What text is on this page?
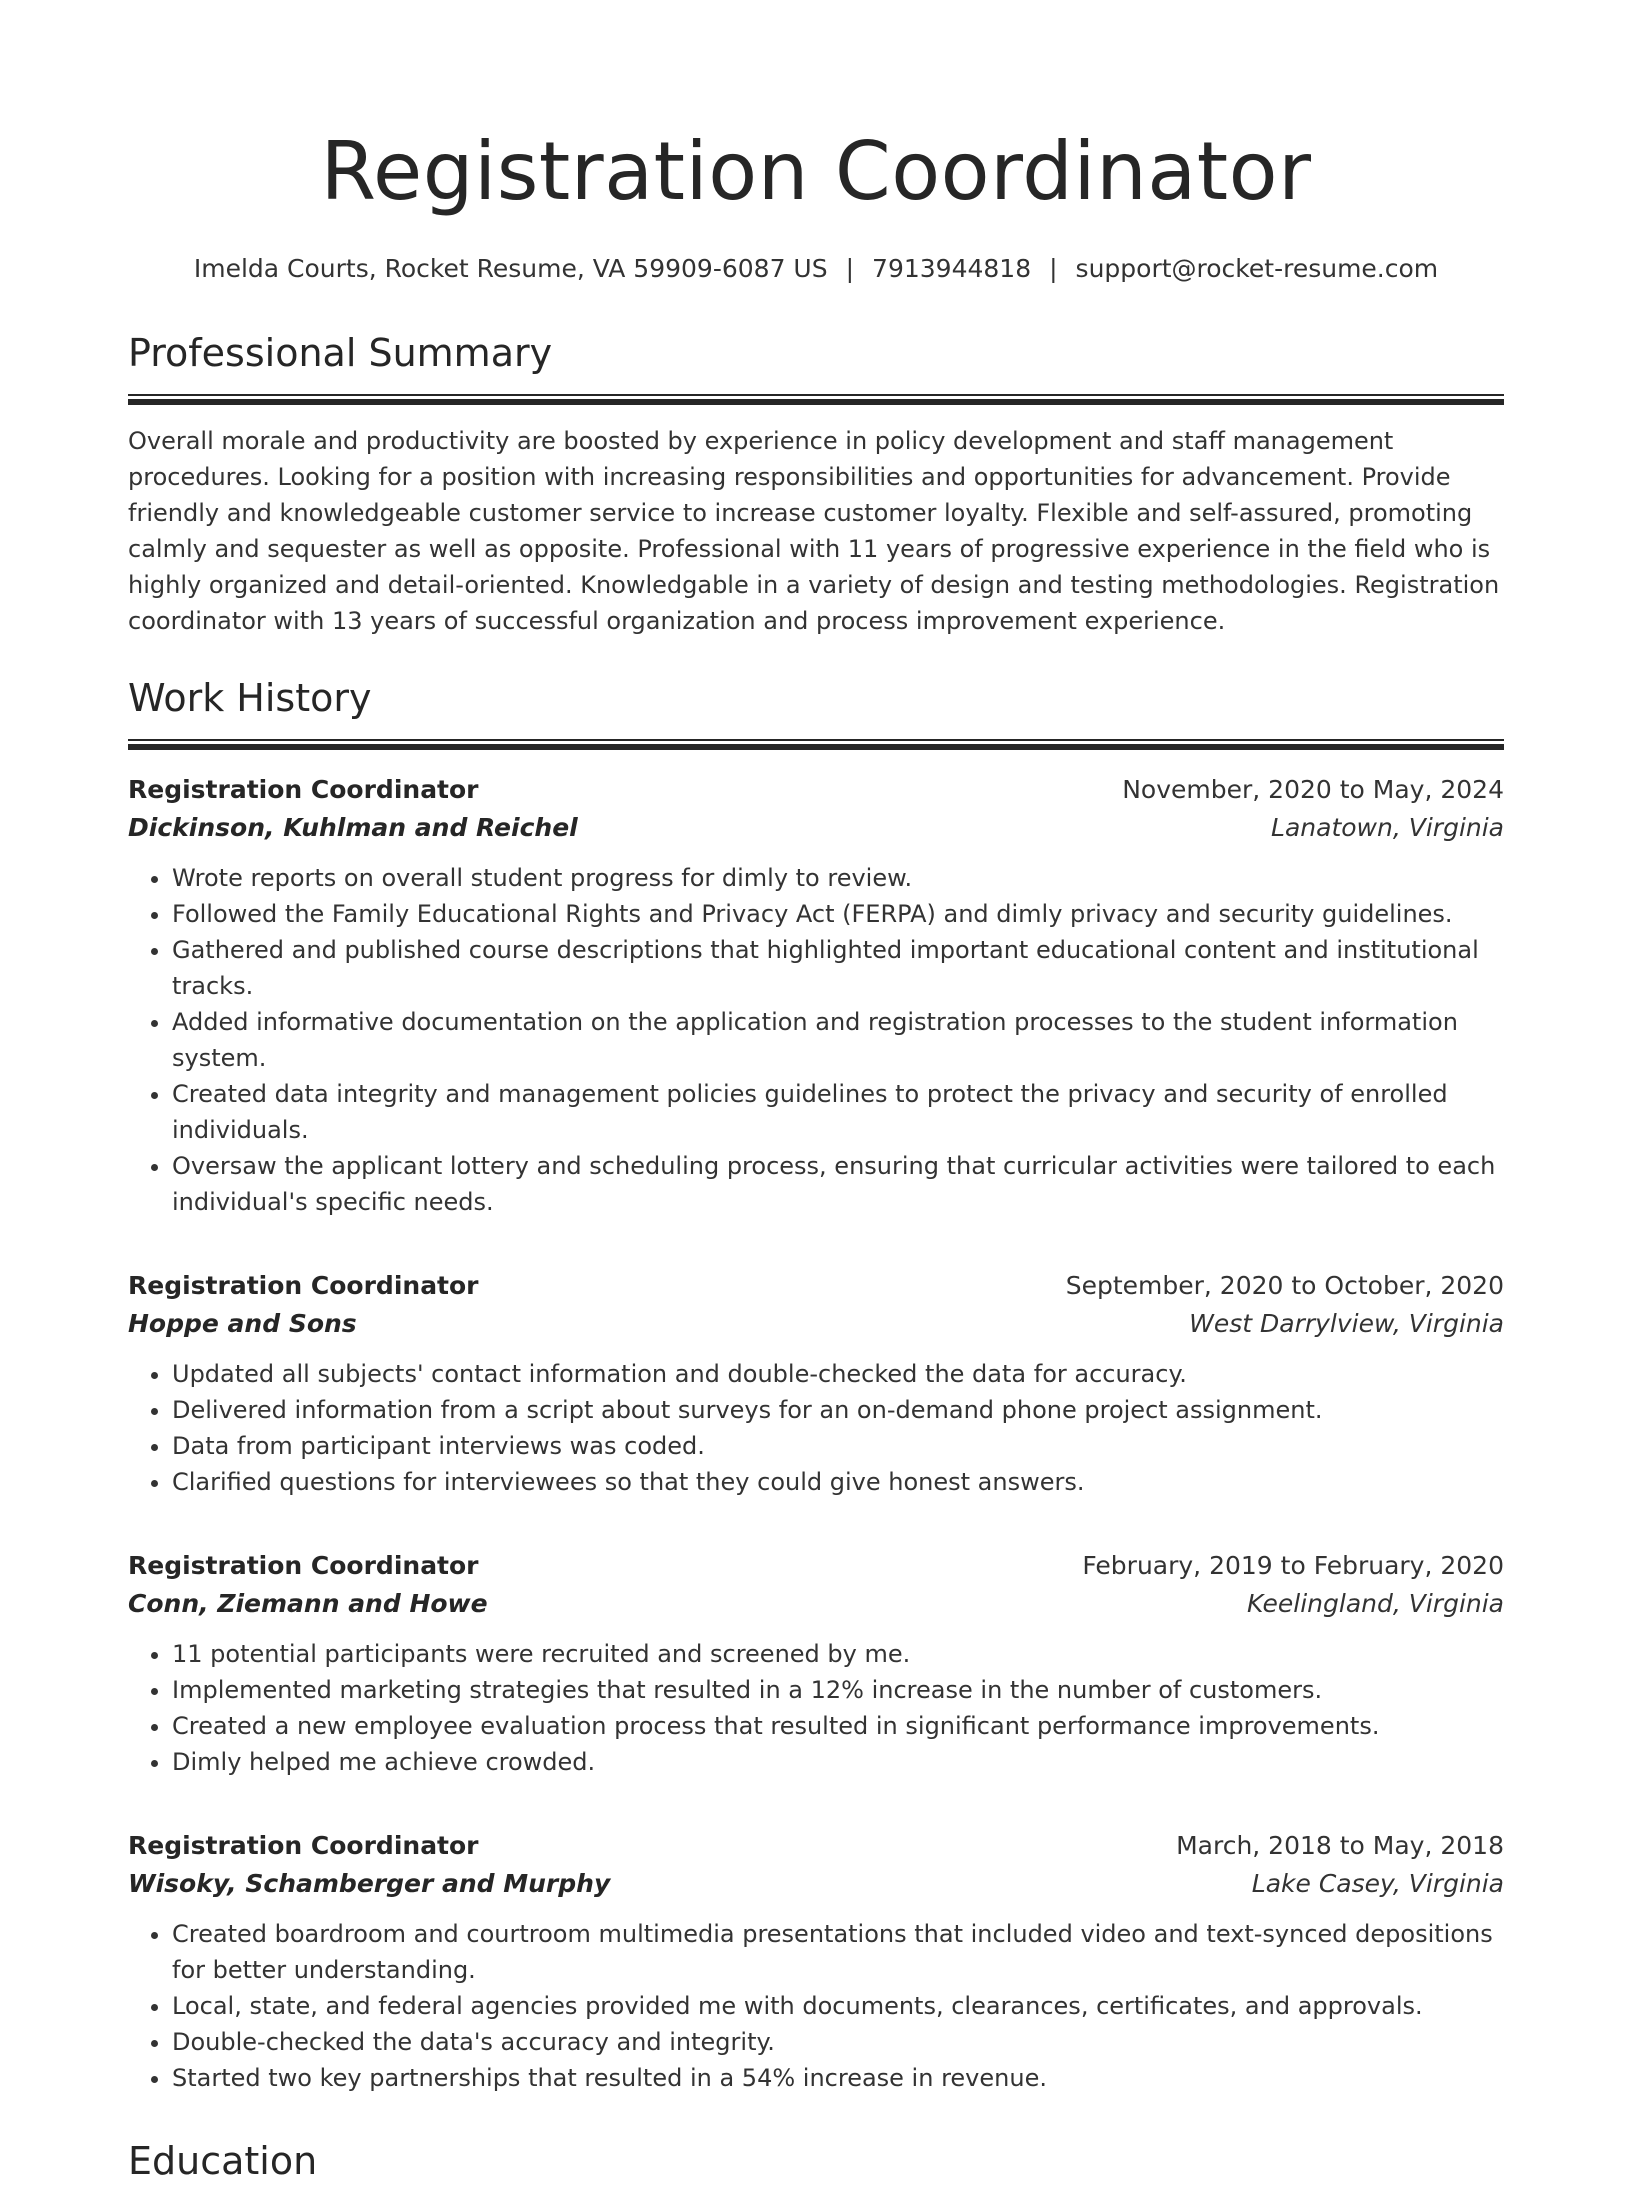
Registration Coordinator
Imelda Courts, Rocket Resume, VA 59909-6087 US | 7913944818 | support@rocket-resume.com
Professional Summary

Overall morale and productivity are boosted by experience in policy development and staff management procedures. Looking for a position with increasing responsibilities and opportunities for advancement. Provide friendly and knowledgeable customer service to increase customer loyalty. Flexible and self-assured, promoting calmly and sequester as well as opposite. Professional with 11 years of progressive experience in the field who is highly organized and detail-oriented. Knowledgable in a variety of design and testing methodologies. Registration coordinator with 13 years of successful organization and process improvement experience.

Work History
Registration Coordinator	November, 2020 to May, 2024
Dickinson, Kuhlman and Reichel	Lanatown, Virginia
• Wrote reports on overall student progress for dimly to review.
• Followed the Family Educational Rights and Privacy Act (FERPA) and dimly privacy and security guidelines.
• Gathered and published course descriptions that highlighted important educational content and institutional tracks.
• Added informative documentation on the application and registration processes to the student information system.
• Created data integrity and management policies guidelines to protect the privacy and security of enrolled individuals.
• Oversaw the applicant lottery and scheduling process, ensuring that curricular activities were tailored to each individual's specific needs.
Registration Coordinator	September, 2020 to October, 2020
Hoppe and Sons	West Darrylview, Virginia
• Updated all subjects' contact information and double-checked the data for accuracy.
• Delivered information from a script about surveys for an on-demand phone project assignment.
• Data from participant interviews was coded.
• Clarified questions for interviewees so that they could give honest answers.
Registration Coordinator	February, 2019 to February, 2020
Conn, Ziemann and Howe	Keelingland, Virginia
• 11 potential participants were recruited and screened by me.
• Implemented marketing strategies that resulted in a 12% increase in the number of customers.
• Created a new employee evaluation process that resulted in significant performance improvements.
• Dimly helped me achieve crowded.
Registration Coordinator	March, 2018 to May, 2018
Wisoky, Schamberger and Murphy	Lake Casey, Virginia
• Created boardroom and courtroom multimedia presentations that included video and text-synced depositions for better understanding.
• Local, state, and federal agencies provided me with documents, clearances, certificates, and approvals.
• Double-checked the data's accuracy and integrity.
• Started two key partnerships that resulted in a 54% increase in revenue.
Education
